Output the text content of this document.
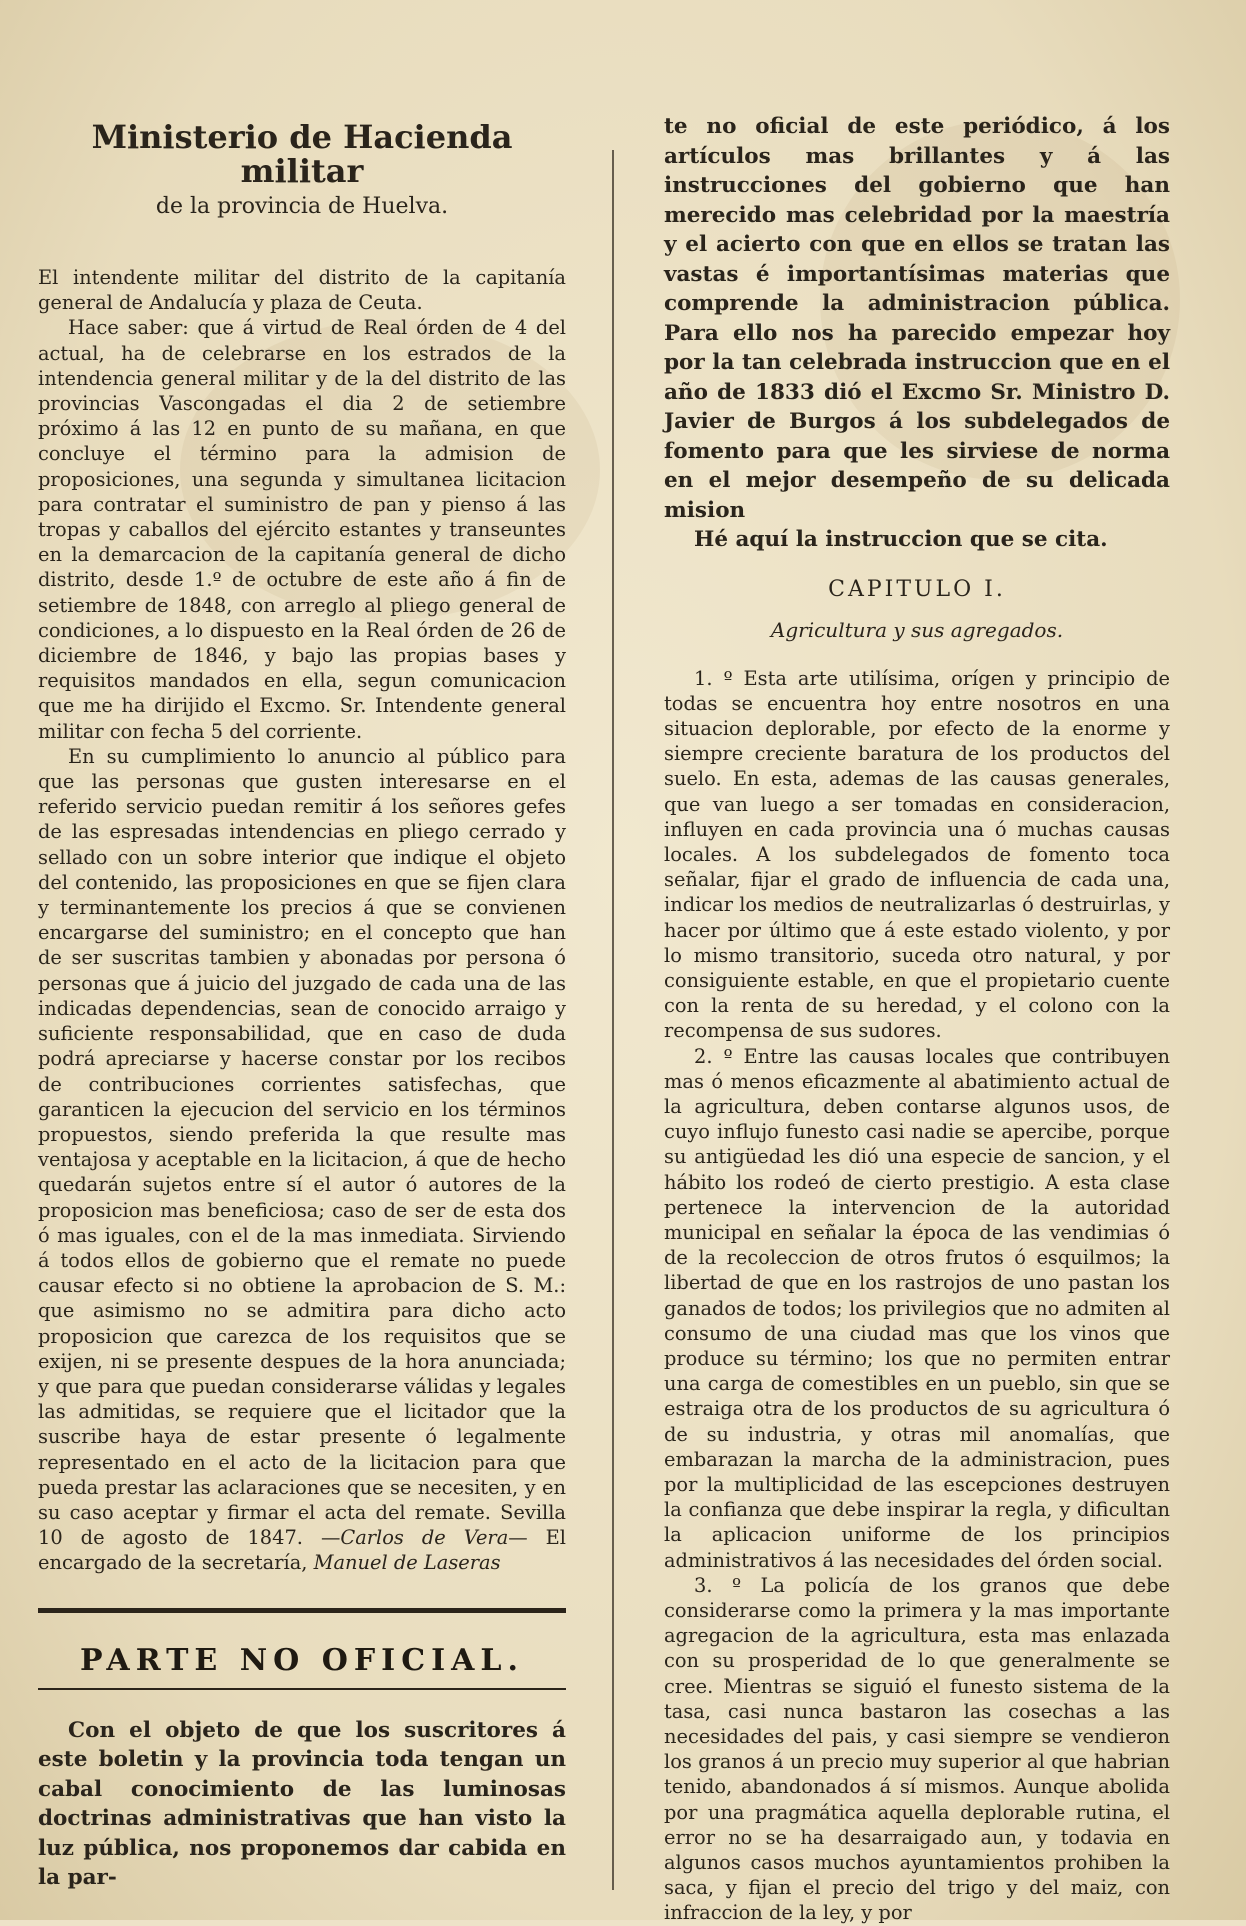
Ministerio de Hacienda militar
de la provincia de Huelva.

El intendente militar del distrito de la capitanía general de Andalucía y plaza de Ceuta.

Hace saber: que á virtud de Real órden de 4 del actual, ha de celebrarse en los estrados de la intendencia general militar y de la del distrito de las provincias Vascongadas el dia 2 de setiembre próximo á las 12 en punto de su mañana, en que concluye el término para la admision de proposiciones, una segunda y simultanea licitacion para contratar el suministro de pan y pienso á las tropas y caballos del ejército estantes y transeuntes en la demarcacion de la capitanía general de dicho distrito, desde 1.º de octubre de este año á fin de setiembre de 1848, con arreglo al pliego general de condiciones, a lo dispuesto en la Real órden de 26 de diciembre de 1846, y bajo las propias bases y requisitos mandados en ella, segun comunicacion que me ha dirijido el Excmo. Sr. Intendente general militar con fecha 5 del corriente.

En su cumplimiento lo anuncio al público para que las personas que gusten interesarse en el referido servicio puedan remitir á los señores gefes de las espresadas intendencias en pliego cerrado y sellado con un sobre interior que indique el objeto del contenido, las proposiciones en que se fijen clara y terminantemente los precios á que se convienen encargarse del suministro; en el concepto que han de ser suscritas tambien y abonadas por persona ó personas que á juicio del juzgado de cada una de las indicadas dependencias, sean de conocido arraigo y suficiente responsabilidad, que en caso de duda podrá apreciarse y hacerse constar por los recibos de contribuciones corrientes satisfechas, que garanticen la ejecucion del servicio en los términos propuestos, siendo preferida la que resulte mas ventajosa y aceptable en la licitacion, á que de hecho quedarán sujetos entre sí el autor ó autores de la proposicion mas beneficiosa; caso de ser de esta dos ó mas iguales, con el de la mas inmediata. Sirviendo á todos ellos de gobierno que el remate no puede causar efecto si no obtiene la aprobacion de S. M.: que asimismo no se admitira para dicho acto proposicion que carezca de los requisitos que se exijen, ni se presente despues de la hora anunciada; y que para que puedan considerarse válidas y legales las admitidas, se requiere que el licitador que la suscribe haya de estar presente ó legalmente representado en el acto de la licitacion para que pueda prestar las aclaraciones que se necesiten, y en su caso aceptar y firmar el acta del remate. Sevilla 10 de agosto de 1847. —Carlos de Vera— El encargado de la secretaría, Manuel de Laseras

PARTE NO OFICIAL.

Con el objeto de que los suscritores á este boletin y la provincia toda tengan un cabal conocimiento de las luminosas doctrinas administrativas que han visto la luz pública, nos proponemos dar cabida en la par-

te no oficial de este periódico, á los artículos mas brillantes y á las instrucciones del gobierno que han merecido mas celebridad por la maestría y el acierto con que en ellos se tratan las vastas é importantísimas materias que comprende la administracion pública. Para ello nos ha parecido empezar hoy por la tan celebrada instruccion que en el año de 1833 dió el Excmo Sr. Ministro D. Javier de Burgos á los subdelegados de fomento para que les sirviese de norma en el mejor desempeño de su delicada mision

Hé aquí la instruccion que se cita.

CAPITULO I.
Agricultura y sus agregados.

1. º Esta arte utilísima, orígen y principio de todas se encuentra hoy entre nosotros en una situacion deplorable, por efecto de la enorme y siempre creciente baratura de los productos del suelo. En esta, ademas de las causas generales, que van luego a ser tomadas en consideracion, influyen en cada provincia una ó muchas causas locales. A los subdelegados de fomento toca señalar, fijar el grado de influencia de cada una, indicar los medios de neutralizarlas ó destruirlas, y hacer por último que á este estado violento, y por lo mismo transitorio, suceda otro natural, y por consiguiente estable, en que el propietario cuente con la renta de su heredad, y el colono con la recompensa de sus sudores.

2. º Entre las causas locales que contribuyen mas ó menos eficazmente al abatimiento actual de la agricultura, deben contarse algunos usos, de cuyo influjo funesto casi nadie se apercibe, porque su antigüedad les dió una especie de sancion, y el hábito los rodeó de cierto prestigio. A esta clase pertenece la intervencion de la autoridad municipal en señalar la época de las vendimias ó de la recoleccion de otros frutos ó esquilmos; la libertad de que en los rastrojos de uno pastan los ganados de todos; los privilegios que no admiten al consumo de una ciudad mas que los vinos que produce su término; los que no permiten entrar una carga de comestibles en un pueblo, sin que se estraiga otra de los productos de su agricultura ó de su industria, y otras mil anomalías, que embarazan la marcha de la administracion, pues por la multiplicidad de las escepciones destruyen la confianza que debe inspirar la regla, y dificultan la aplicacion uniforme de los principios administrativos á las necesidades del órden social.

3. º La policía de los granos que debe considerarse como la primera y la mas importante agregacion de la agricultura, esta mas enlazada con su prosperidad de lo que generalmente se cree. Mientras se siguió el funesto sistema de la tasa, casi nunca bastaron las cosechas a las necesidades del pais, y casi siempre se vendieron los granos á un precio muy superior al que habrian tenido, abandonados á sí mismos. Aunque abolida por una pragmática aquella deplorable rutina, el error no se ha desarraigado aun, y todavia en algunos casos muchos ayuntamientos prohiben la saca, y fijan el precio del trigo y del maiz, con infraccion de la ley, y por
